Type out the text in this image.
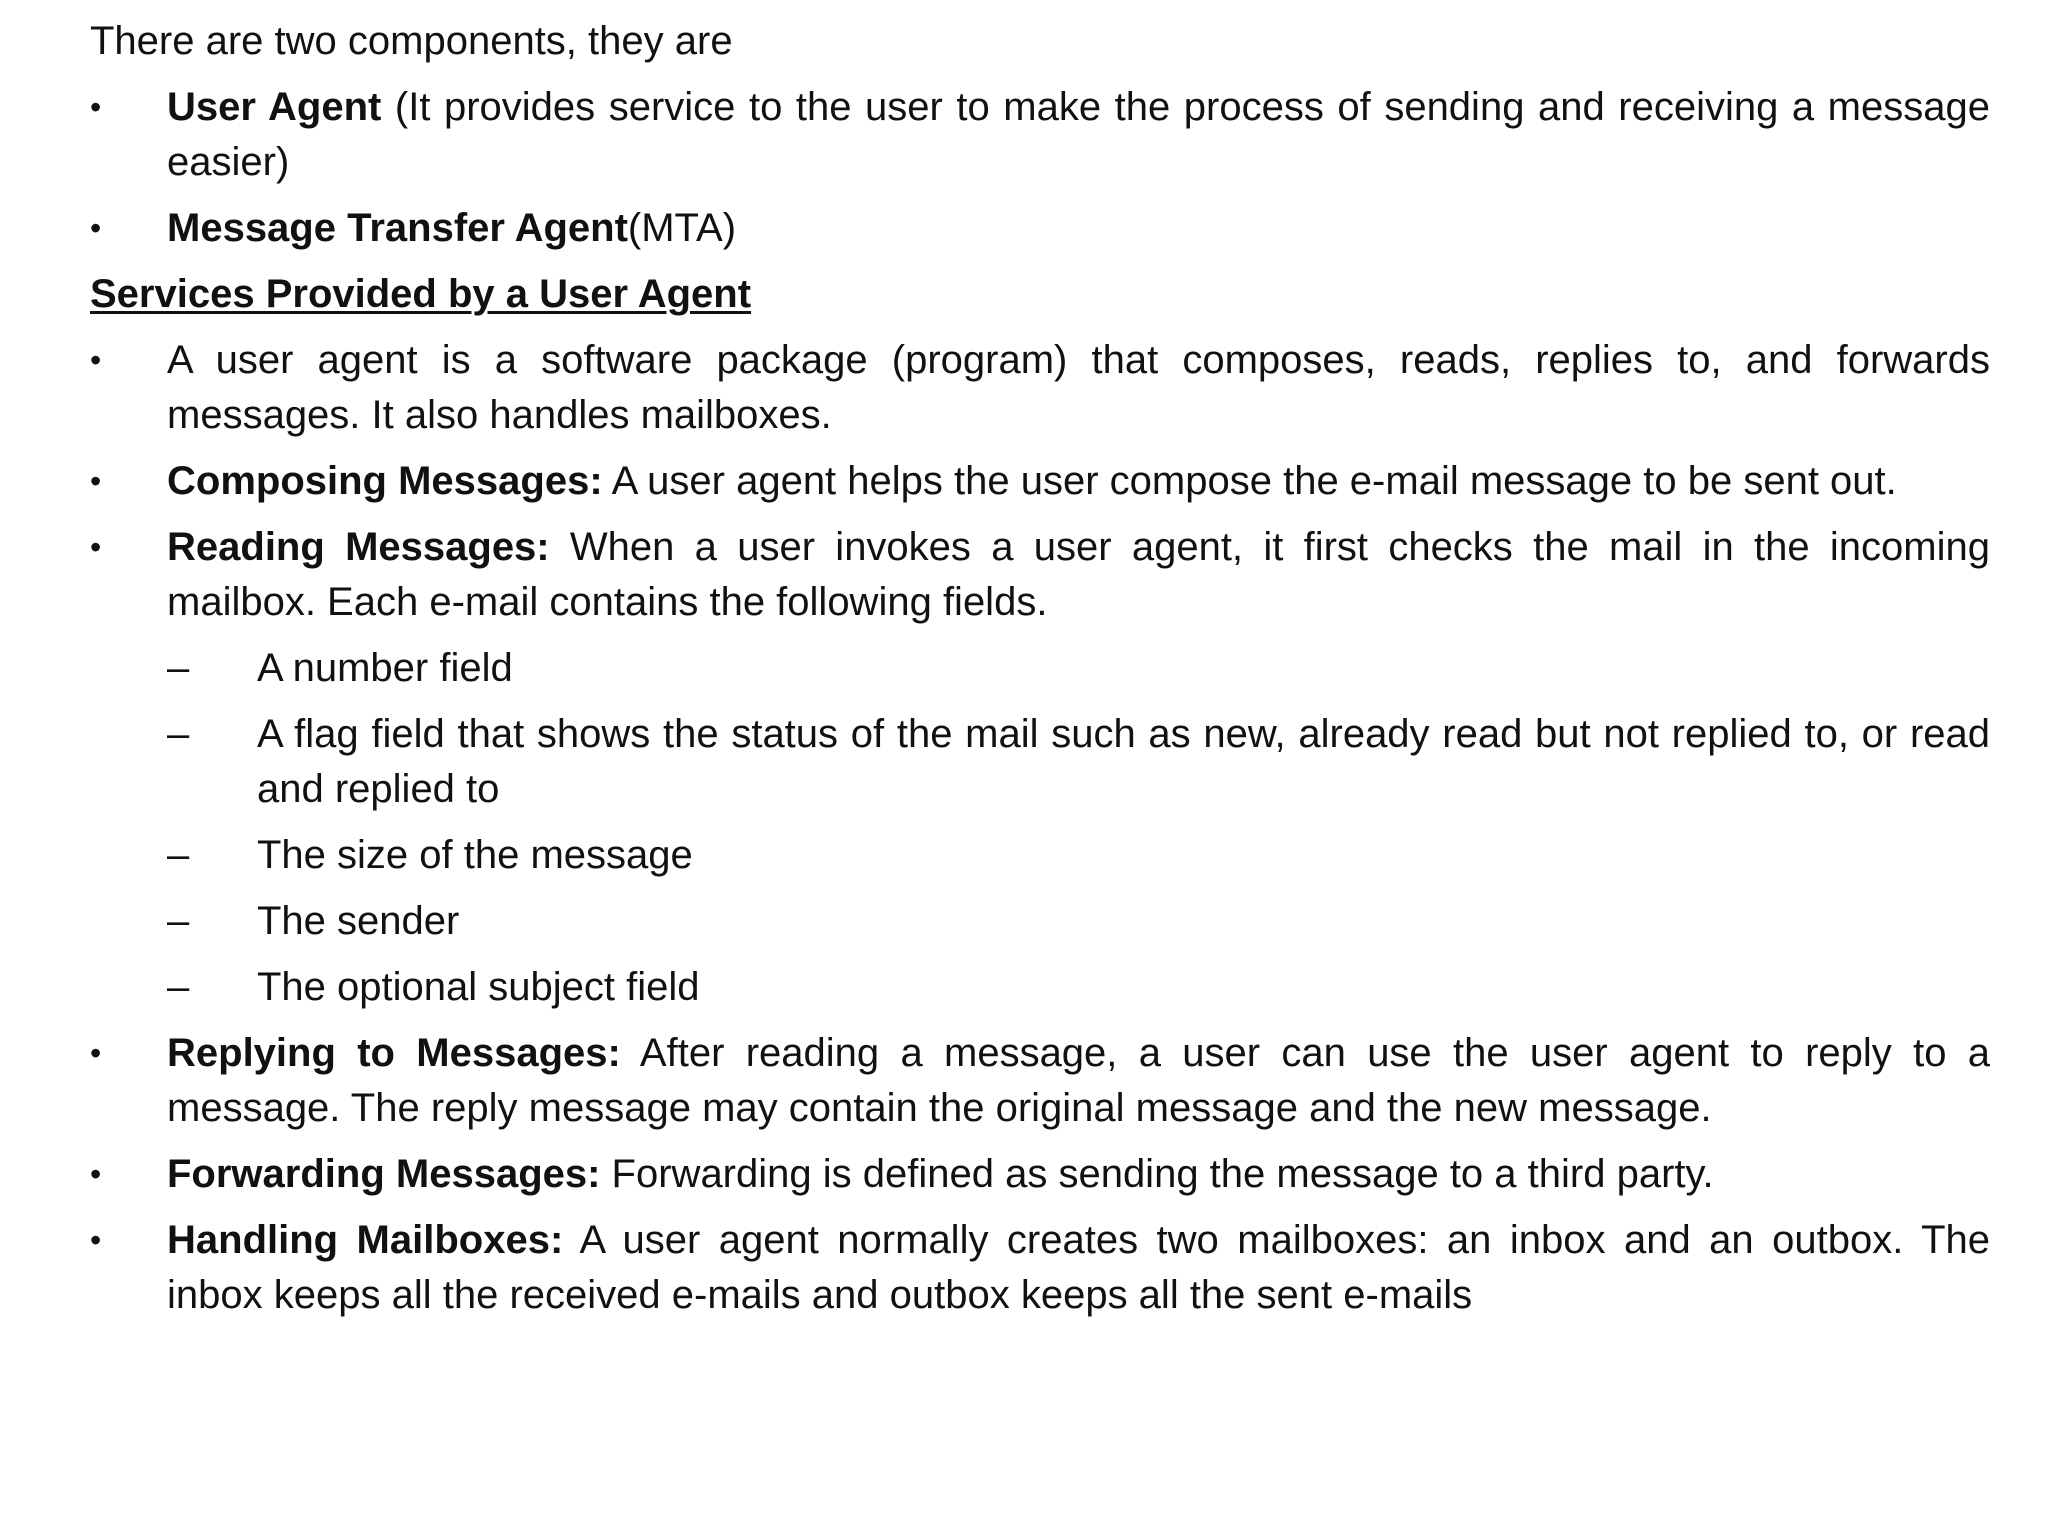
There are two components, they are

• User Agent (It provides service to the user to make the process of sending and receiving a message easier)
• Message Transfer Agent(MTA)

Services Provided by a User Agent

• A user agent is a software package (program) that composes, reads, replies to, and forwards messages. It also handles mailboxes.
• Composing Messages: A user agent helps the user compose the e-mail message to be sent out.
• Reading Messages: When a user invokes a user agent, it first checks the mail in the incoming mailbox. Each e-mail contains the following fields.
–	A number field
–	A flag field that shows the status of the mail such as new, already read but not replied to, or read and replied to
–	The size of the message
–	The sender
–	The optional subject field
• Replying to Messages: After reading a message, a user can use the user agent to reply to a message. The reply message may contain the original message and the new message.
• Forwarding Messages: Forwarding is defined as sending the message to a third party.
• Handling Mailboxes: A user agent normally creates two mailboxes: an inbox and an outbox. The inbox keeps all the received e-mails and outbox keeps all the sent e-mails
